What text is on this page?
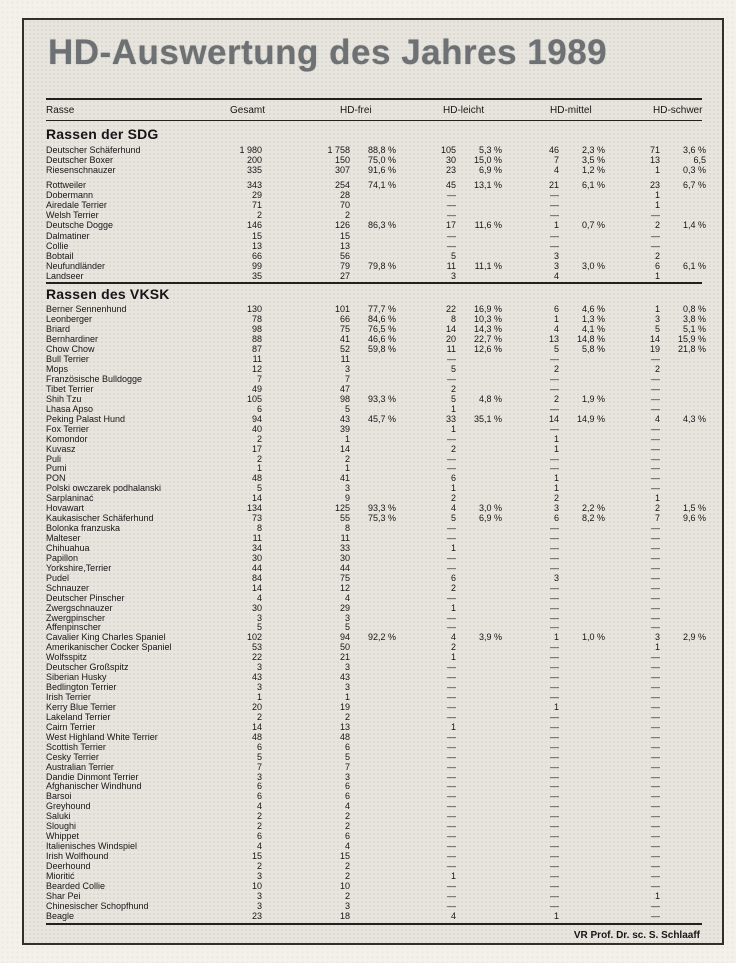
HD-Auswertung des Jahres 1989
Rasse	Gesamt	HD-frei	HD-leicht	HD-mittel	HD-schwer
Rassen der SDG
Deutscher Schäferhund	1 980	1 758	88,8 %	105	5,3 %	46	2,3 %	71	3,6 %
Deutscher Boxer	200	150	75,0 %	30	15,0 %	7	3,5 %	13	6,5
Riesenschnauzer	335	307	91,6 %	23	6,9 %	4	1,2 %	1	0,3 %
Rottweiler	343	254	74,1 %	45	13,1 %	21	6,1 %	23	6,7 %
Dobermann	29	28	—	—	1
Airedale Terrier	71	70	—	—	1
Welsh Terrier	2	2	—	—	—
Deutsche Dogge	146	126	86,3 %	17	11,6 %	1	0,7 %	2	1,4 %
Dalmatiner	15	15	—	—	—
Collie	13	13	—	—	—
Bobtail	66	56	5	3	2
Neufundländer	99	79	79,8 %	11	11,1 %	3	3,0 %	6	6,1 %
Landseer	35	27	3	4	1
Rassen des VKSK
Berner Sennenhund	130	101	77,7 %	22	16,9 %	6	4,6 %	1	0,8 %
Leonberger	78	66	84,6 %	8	10,3 %	1	1,3 %	3	3,8 %
Briard	98	75	76,5 %	14	14,3 %	4	4,1 %	5	5,1 %
Bernhardiner	88	41	46,6 %	20	22,7 %	13	14,8 %	14	15,9 %
Chow Chow	87	52	59,8 %	11	12,6 %	5	5,8 %	19	21,8 %
Bull Terrier	11	11	—	—	—
Mops	12	3	5	2	2
Französische Bulldogge	7	7	—	—	—
Tibet Terrier	49	47	2	—	—
Shih Tzu	105	98	93,3 %	5	4,8 %	2	1,9 %	—
Lhasa Apso	6	5	1	—	—
Peking Palast Hund	94	43	45,7 %	33	35,1 %	14	14,9 %	4	4,3 %
Fox Terrier	40	39	1	—	—
Komondor	2	1	—	1	—
Kuvasz	17	14	2	1	—
Puli	2	2	—	—	—
Pumi	1	1	—	—	—
PON	48	41	6	1	—
Polski owczarek podhalanski	5	3	1	1	—
Sarplaninać	14	9	2	2	1
Hovawart	134	125	93,3 %	4	3,0 %	3	2,2 %	2	1,5 %
Kaukasischer Schäferhund	73	55	75,3 %	5	6,9 %	6	8,2 %	7	9,6 %
Bolonka franzuska	8	8	—	—	—
Malteser	11	11	—	—	—
Chihuahua	34	33	1	—	—
Papillon	30	30	—	—	—
Yorkshire,Terrier	44	44	—	—	—
Pudel	84	75	6	3	—
Schnauzer	14	12	2	—	—
Deutscher Pinscher	4	4	—	—	—
Zwergschnauzer	30	29	1	—	—
Zwergpinscher	3	3	—	—	—
Affenpinscher	5	5	—	—	—
Cavalier King Charles Spaniel	102	94	92,2 %	4	3,9 %	1	1,0 %	3	2,9 %
Amerikanischer Cocker Spaniel	53	50	2	—	1
Wolfsspitz	22	21	1	—	—
Deutscher Großspitz	3	3	—	—	—
Siberian Husky	43	43	—	—	—
Bedlington Terrier	3	3	—	—	—
Irish Terrier	1	1	—	—	—
Kerry Blue Terrier	20	19	—	1	—
Lakeland Terrier	2	2	—	—	—
Cairn Terrier	14	13	1	—	—
West Highland White Terrier	48	48	—	—	—
Scottish Terrier	6	6	—	—	—
Cesky Terrier	5	5	—	—	—
Australian Terrier	7	7	—	—	—
Dandie Dinmont Terrier	3	3	—	—	—
Afghanischer Windhund	6	6	—	—	—
Barsoi	6	6	—	—	—
Greyhound	4	4	—	—	—
Saluki	2	2	—	—	—
Sloughi	2	2	—	—	—
Whippet	6	6	—	—	—
Italienisches Windspiel	4	4	—	—	—
Irish Wolfhound	15	15	—	—	—
Deerhound	2	2	—	—	—
Mioritić	3	2	1	—	—
Bearded Collie	10	10	—	—	—
Shar Pei	3	2	—	—	1
Chinesischer Schopfhund	3	3	—	—	—
Beagle	23	18	4	1	—
VR Prof. Dr. sc. S. Schlaaff
